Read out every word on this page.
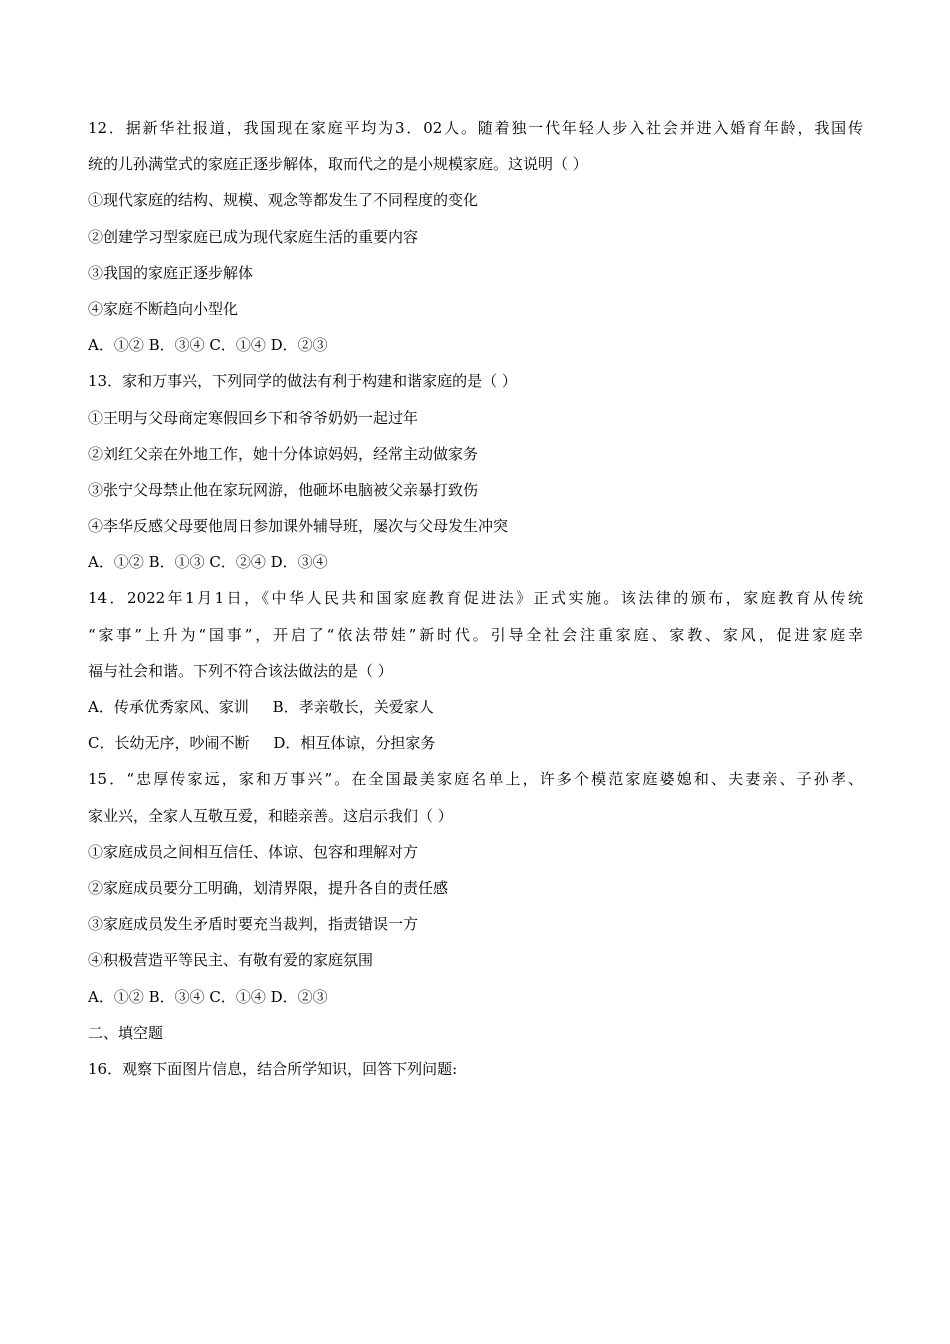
12．据新华社报道，我国现在家庭平均为3．02人。随着独一代年轻人步入社会并进入婚育年龄，我国传
统的儿孙满堂式的家庭正逐步解体，取而代之的是小规模家庭。这说明（ ）
①现代家庭的结构、规模、观念等都发生了不同程度的变化
②创建学习型家庭已成为现代家庭生活的重要内容
③我国的家庭正逐步解体
④家庭不断趋向小型化
A．①② B．③④ C．①④ D．②③
13．家和万事兴，下列同学的做法有利于构建和谐家庭的是（ ）
①王明与父母商定寒假回乡下和爷爷奶奶一起过年
②刘红父亲在外地工作，她十分体谅妈妈，经常主动做家务
③张宁父母禁止他在家玩网游，他砸坏电脑被父亲暴打致伤
④李华反感父母要他周日参加课外辅导班，屡次与父母发生冲突
A．①② B．①③ C．②④ D．③④
14．2022年1月1日，《中华人民共和国家庭教育促进法》正式实施。该法律的颁布，家庭教育从传统
“家事”上升为“国事”，开启了“依法带娃”新时代。引导全社会注重家庭、家教、家风，促进家庭幸
福与社会和谐。下列不符合该法做法的是（ ）
A．传承优秀家风、家训     B．孝亲敬长，关爱家人
C．长幼无序，吵闹不断     D．相互体谅，分担家务
15．“忠厚传家远，家和万事兴”。在全国最美家庭名单上，许多个模范家庭婆媳和、夫妻亲、子孙孝、
家业兴，全家人互敬互爱，和睦亲善。这启示我们（ ）
①家庭成员之间相互信任、体谅、包容和理解对方
②家庭成员要分工明确，划清界限，提升各自的责任感
③家庭成员发生矛盾时要充当裁判，指责错误一方
④积极营造平等民主、有敬有爱的家庭氛围
A．①② B．③④ C．①④ D．②③
二、填空题
16．观察下面图片信息，结合所学知识，回答下列问题:
